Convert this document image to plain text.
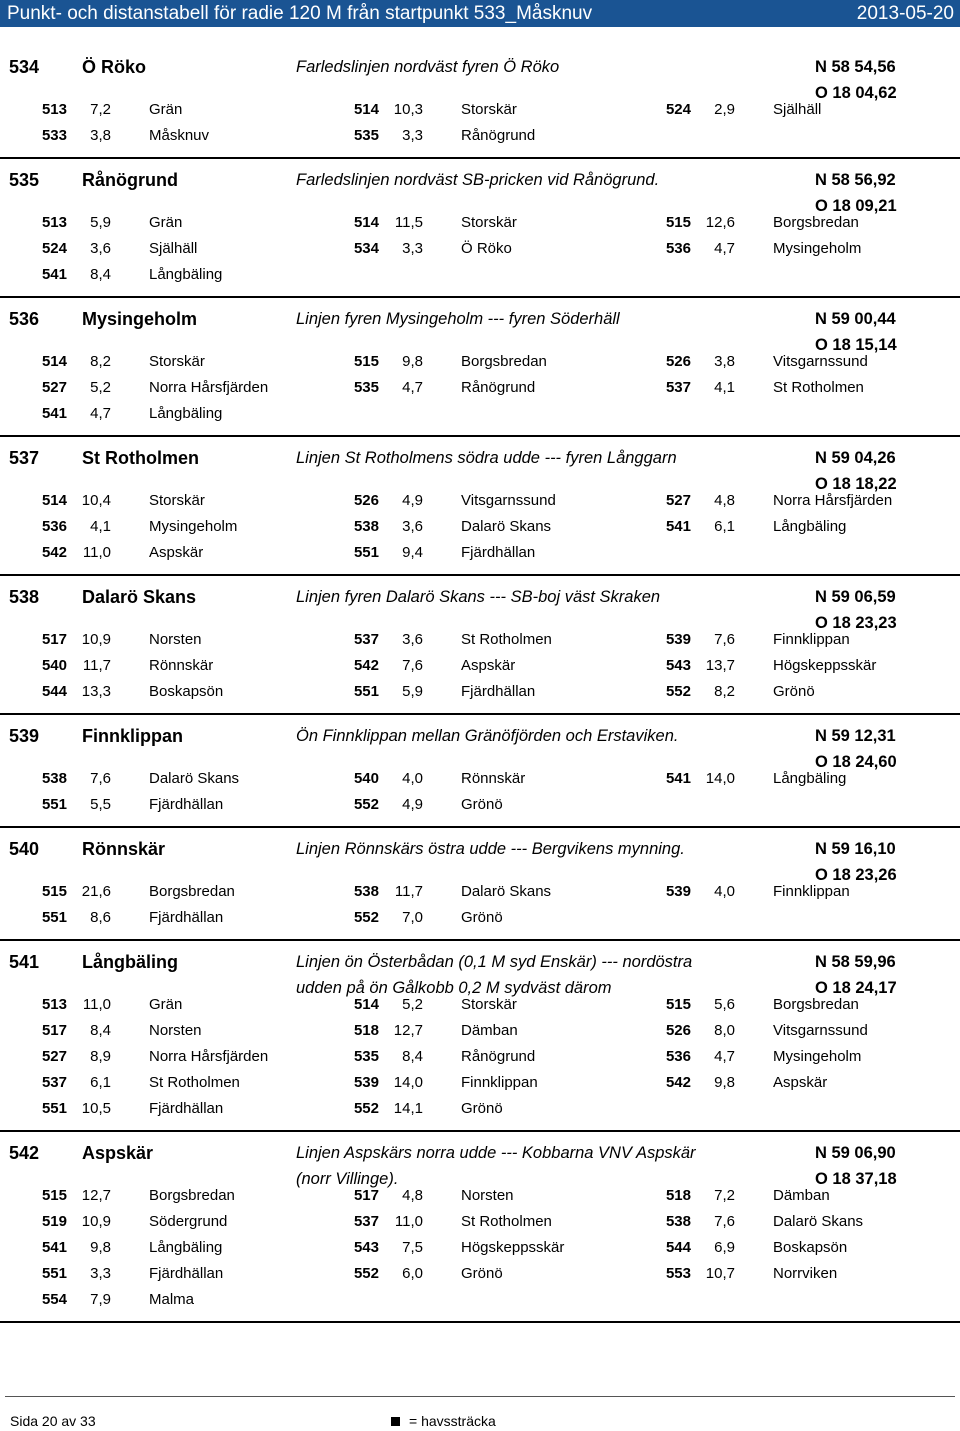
Punkt- och distanstabell för radie 120 M från startpunkt 533_Måsknuv	2013-05-20
534 Ö Röko	Farledslinjen nordväst fyren Ö Röko	N 58 54,56
O 18 04,62
513	7,2	Grän	514 10,3	Storskär	524	2,9	Själhäll
533	3,8	Måsknuv	535	3,3	Rånögrund
535 Rånögrund	Farledslinjen nordväst SB-pricken vid Rånögrund.	N 58 56,92
O 18 09,21
513	5,9	Grän	514	11,5	Storskär	515 12,6	Borgsbredan
524	3,6	Själhäll	534	3,3	Ö Röko	536	4,7	Mysingeholm
541	8,4	Långbäling
536 Mysingeholm	Linjen fyren Mysingeholm --- fyren Söderhäll	N 59 00,44
O 18 15,14
514	8,2	Storskär	515	9,8	Borgsbredan	526	3,8	Vitsgarnssund
527	5,2	Norra Hårsfjärden	535	4,7	Rånögrund	537	4,1	St Rotholmen
541	4,7	Långbäling
537 St Rotholmen	Linjen St Rotholmens södra udde --- fyren Långgarn	N 59 04,26
O 18 18,22
514 10,4	Storskär	526	4,9	Vitsgarnssund	527	4,8	Norra Hårsfjärden
536	4,1	Mysingeholm	538	3,6	Dalarö Skans	541	6,1	Långbäling
542	11,0	Aspskär	551	9,4	Fjärdhällan
538 Dalarö Skans	Linjen fyren Dalarö Skans --- SB-boj väst Skraken	N 59 06,59
O 18 23,23
517 10,9	Norsten	537	3,6	St Rotholmen	539	7,6	Finnklippan
540	11,7	Rönnskär	542	7,6	Aspskär	543 13,7	Högskeppsskär
544 13,3	Boskapsön	551	5,9	Fjärdhällan	552	8,2	Grönö
539 Finnklippan	Ön Finnklippan mellan Gränöfjörden och Erstaviken.	N 59 12,31
O 18 24,60
538	7,6	Dalarö Skans	540	4,0	Rönnskär	541 14,0	Långbäling
551	5,5	Fjärdhällan	552	4,9	Grönö
540 Rönnskär	Linjen Rönnskärs östra udde --- Bergvikens mynning.	N 59 16,10
O 18 23,26
515 21,6	Borgsbredan	538	11,7	Dalarö Skans	539	4,0	Finnklippan
551	8,6	Fjärdhällan	552	7,0	Grönö
541 Långbäling	Linjen ön Österbådan (0,1 M syd Enskär) --- nordöstra
udden på ön Gålkobb 0,2 M sydväst därom
N 58 59,96
O 18 24,17
513	11,0	Grän	514	5,2	Storskär	515	5,6	Borgsbredan
517	8,4	Norsten	518 12,7	Dämban	526	8,0	Vitsgarnssund
527	8,9	Norra Hårsfjärden	535	8,4	Rånögrund	536	4,7	Mysingeholm
537	6,1	St Rotholmen	539 14,0	Finnklippan	542	9,8	Aspskär
551 10,5	Fjärdhällan	552 14,1	Grönö
542 Aspskär	Linjen Aspskärs norra udde --- Kobbarna VNV Aspskär
(norr Villinge).
N 59 06,90
O 18 37,18
515 12,7	Borgsbredan	517	4,8	Norsten	518	7,2	Dämban
519 10,9	Södergrund	537	11,0	St Rotholmen	538	7,6	Dalarö Skans
541	9,8	Långbäling	543	7,5	Högskeppsskär	544	6,9	Boskapsön
551	3,3	Fjärdhällan	552	6,0	Grönö	553 10,7	Norrviken
554	7,9	Malma
Sida 20 av 33	= havssträcka
